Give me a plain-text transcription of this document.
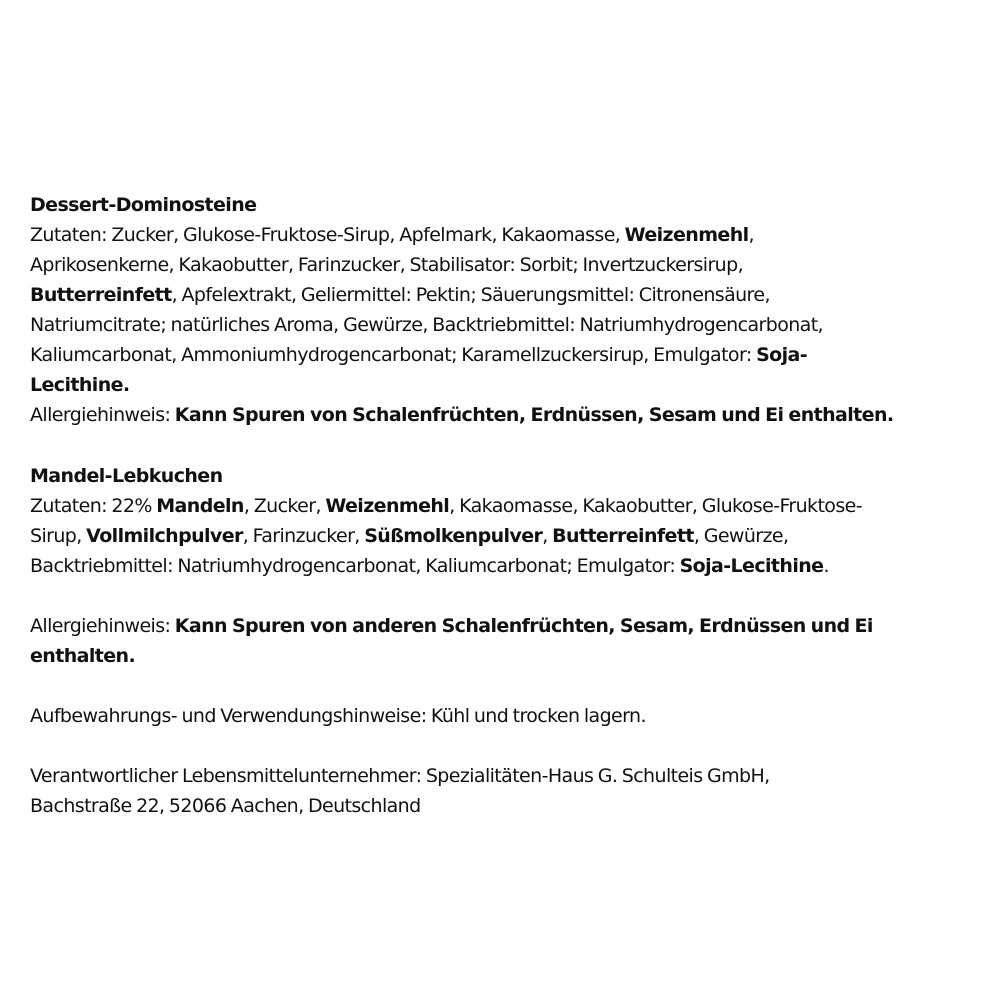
Dessert-Dominosteine
Zutaten: Zucker, Glukose-Fruktose-Sirup, Apfelmark, Kakaomasse, Weizenmehl,
Aprikosenkerne, Kakaobutter, Farinzucker, Stabilisator: Sorbit; Invertzuckersirup,
Butterreinfett, Apfelextrakt, Geliermittel: Pektin; Säuerungsmittel: Citronensäure,
Natriumcitrate; natürliches Aroma, Gewürze, Backtriebmittel: Natriumhydrogencarbonat,
Kaliumcarbonat, Ammoniumhydrogencarbonat; Karamellzuckersirup, Emulgator: Soja-
Lecithine.
Allergiehinweis: Kann Spuren von Schalenfrüchten, Erdnüssen, Sesam und Ei enthalten.
Mandel-Lebkuchen
Zutaten: 22% Mandeln, Zucker, Weizenmehl, Kakaomasse, Kakaobutter, Glukose-Fruktose-
Sirup, Vollmilchpulver, Farinzucker, Süßmolkenpulver, Butterreinfett, Gewürze,
Backtriebmittel: Natriumhydrogencarbonat, Kaliumcarbonat; Emulgator: Soja-Lecithine.
Allergiehinweis: Kann Spuren von anderen Schalenfrüchten, Sesam, Erdnüssen und Ei
enthalten.
Aufbewahrungs- und Verwendungshinweise: Kühl und trocken lagern.
Verantwortlicher Lebensmittelunternehmer: Spezialitäten-Haus G. Schulteis GmbH,
Bachstraße 22, 52066 Aachen, Deutschland
